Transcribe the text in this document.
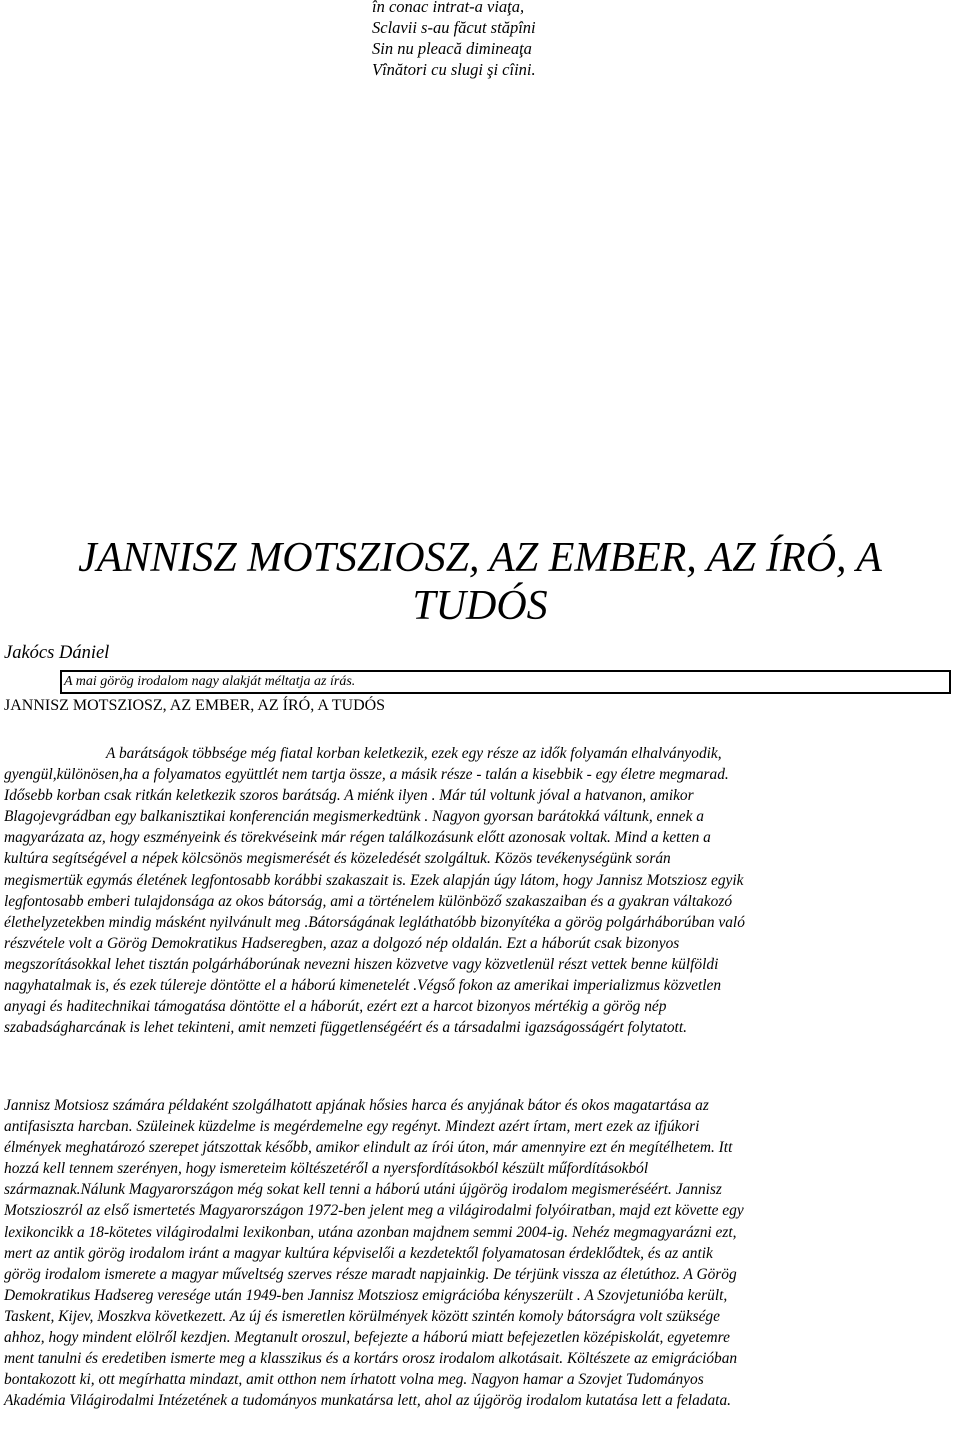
în conac intrat-a viaţa,
Sclavii s-au făcut stăpîni
Sin nu pleacă dimineaţa
Vînători cu slugi şi cîini.
JANNISZ MOTSZIOSZ, AZ EMBER, AZ ÍRÓ, A
TUDÓS
Jakócs Dániel
A mai görög irodalom nagy alakját méltatja az írás.
JANNISZ MOTSZIOSZ, AZ EMBER, AZ ÍRÓ, A TUDÓS
A barátságok többsége még fiatal korban keletkezik, ezek egy része az idők folyamán elhalványodik,
gyengül,különösen,ha a folyamatos együttlét nem tartja össze, a másik része - talán a kisebbik - egy életre megmarad.
Idősebb korban csak ritkán keletkezik szoros barátság. A miénk ilyen . Már túl voltunk jóval a hatvanon, amikor
Blagojevgrádban egy balkanisztikai konferencián megismerkedtünk . Nagyon gyorsan barátokká váltunk, ennek a
magyarázata az, hogy eszményeink és törekvéseink már régen találkozásunk előtt azonosak voltak. Mind a ketten a
kultúra segítségével a népek kölcsönös megismerését és közeledését szolgáltuk. Közös tevékenységünk során
megismertük egymás életének legfontosabb korábbi szakaszait is. Ezek alapján úgy látom, hogy Jannisz Motsziosz egyik
legfontosabb emberi tulajdonsága az okos bátorság, ami a történelem különböző szakaszaiban és a gyakran váltakozó
élethelyzetekben mindig másként nyilvánult meg .Bátorságának legláthatóbb bizonyítéka a görög polgárháborúban való
részvétele volt a Görög Demokratikus Hadseregben, azaz a dolgozó nép oldalán. Ezt a háborút csak bizonyos
megszorításokkal lehet tisztán polgárháborúnak nevezni hiszen közvetve vagy közvetlenül részt vettek benne külföldi
nagyhatalmak is, és ezek túlereje döntötte el a háború kimenetelét .Végső fokon az amerikai imperializmus közvetlen
anyagi és haditechnikai támogatása döntötte el a háborút, ezért ezt a harcot bizonyos mértékig a görög nép
szabadságharcának is lehet tekinteni, amit nemzeti függetlenségéért és a társadalmi igazságosságért folytatott.
Jannisz Motsiosz számára példaként szolgálhatott apjának hősies harca és anyjának bátor és okos magatartása az
antifasiszta harcban. Szüleinek küzdelme is megérdemelne egy regényt. Mindezt azért írtam, mert ezek az ifjúkori
élmények meghatározó szerepet játszottak később, amikor elindult az írói úton, már amennyire ezt én megítélhetem. Itt
hozzá kell tennem szerényen, hogy ismereteim költészetéről a nyersfordításokból készült műfordításokból
származnak.Nálunk Magyarországon még sokat kell tenni a háború utáni újgörög irodalom megismeréséért. Jannisz
Motszioszról az első ismertetés Magyarországon 1972-ben jelent meg a világirodalmi folyóiratban, majd ezt követte egy
lexikoncikk a 18-kötetes világirodalmi lexikonban, utána azonban majdnem semmi 2004-ig. Nehéz megmagyarázni ezt,
mert az antik görög irodalom iránt a magyar kultúra képviselői a kezdetektől folyamatosan érdeklődtek, és az antik
görög irodalom ismerete a magyar műveltség szerves része maradt napjainkig. De térjünk vissza az életúthoz. A Görög
Demokratikus Hadsereg veresége után 1949-ben Jannisz Motsziosz emigrációba kényszerült . A Szovjetunióba került,
Taskent, Kijev, Moszkva következett. Az új és ismeretlen körülmények között szintén komoly bátorságra volt szüksége
ahhoz, hogy mindent elölről kezdjen. Megtanult oroszul, befejezte a háború miatt befejezetlen középiskolát, egyetemre
ment tanulni és eredetiben ismerte meg a klasszikus és a kortárs orosz irodalom alkotásait. Költészete az emigrációban
bontakozott ki, ott megírhatta mindazt, amit otthon nem írhatott volna meg. Nagyon hamar a Szovjet Tudományos
Akadémia Világirodalmi Intézetének a tudományos munkatársa lett, ahol az újgörög irodalom kutatása lett a feladata.
